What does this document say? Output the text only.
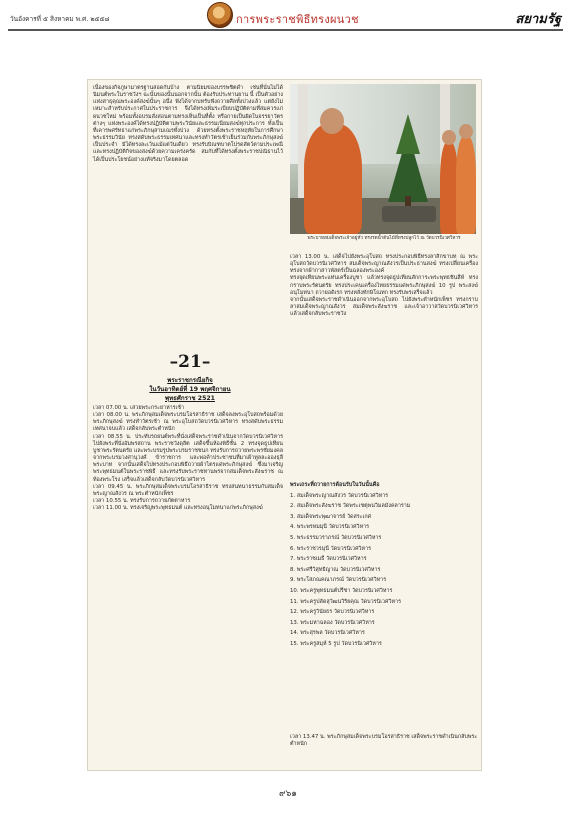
วันอังคารที่ ๕ สิงหาคม พ.ศ. ๒๕๕๘	การพระราชพิธีทรงผนวช	สยามรัฐ
เนื่องของกิจภูษามาตรฐานสอดกันบ้าง ตามนิยมของบรรพชิตดำ เช่นที่นั่นไม่ได้นิมนต์พระในราชวังฯ ฉะนั้นของนั้นนอกจากนั้น ต้องรับประทานยาน นี้ เป็นตัวอย่างแห่งสาธุคุณพระองค์สงฆ์นั้นๆ อนึ่ง ฟังได้จากบทรับฟังถวายศีลทั้งปวงแล้ว แต่ยังไม่เหมาะสำหรับประกาศในประราชการ จึงได้ทรงเพิ่มระเบียบปฏิบัติตามที่สมควรแก่ผนวชใหม่ พร้อมทั้งอบรมสั่งสอนตามทรงเห็นเป็นที่ตั้ง หรือกายเป็นผิดในจรรยาวัตรต่างๆ แห่งพระองค์ได้ทรงปฏิบัติตามพระวินัยและธรรมเนียมสงฆ์ทุกประการ ทั้งเป็นที่เคารพศรัทธาแก่พระภิกษุสามเณรทั้งปวง ด้วยทรงตั้งพระราชหฤทัยในการศึกษาพระธรรมวินัย ทรงสดับพระธรรมเทศนาและทรงทำวัตรเช้าเย็นร่วมกับพระภิกษุสงฆ์เป็นประจำ มิได้ทรงละเว้นแม้แต่วันเดียว ทรงรับบิณฑบาตโปรดสัตว์ตามประเพณี และทรงปฏิบัติกิจของสงฆ์ด้วยความเคร่งครัด สมกับที่ได้ทรงตั้งพระราชปณิธานไว้ ได้เป็นประโยชน์อย่างแท้จริงมาโดยตลอด
พระบาทสมเด็จพระเจ้าอยู่หัว ทรงรดน้ำต้นไม้ที่ทรงปลูกไว้ ณ วัดบวรนิเวศวิหาร
เวลา 13.00 น. เสด็จไปยังพระอุโบสถ ทรงประกอบพิธีทรงลาสิกขาบท ณ พระอุโบสถวัดบวรนิเวศวิหาร สมเด็จพระญาณสังวรเป็นประธานสงฆ์ ทรงเปลี่ยนเครื่องทรงจากผ้ากาสาวพัสตร์เป็นฉลองพระองค์
ทรงจุดเทียนพระแท่นเครื่องบูชา แล้วทรงจุดธูปเทียนสักการะพระพุทธชินสีห์ ทรงกราบพระรัตนตรัย ทรงประเคนเครื่องไทยธรรมแด่พระภิกษุสงฆ์ 10 รูป พระสงฆ์อนุโมทนา ถวายอดิเรก ทรงหลั่งทักษิโณทก ทรงรับพรเสร็จแล้ว
จากนั้นเสด็จพระราชดำเนินออกจากพระอุโบสถ ไปยังพระตำหนักเพ็ชร ทรงกราบลาสมเด็จพระญาณสังวร สมเด็จพระสังฆราช และเจ้าอาวาสวัดบวรนิเวศวิหาร แล้วเสด็จกลับพระราชวัง
–21–
พระราชกรณียกิจ
ในวันอาทิตย์ที่ 19 พฤศจิกายน
พุทธศักราช 2521
เวลา 07.00 น. เสวยพระกระยาหารเช้า
เวลา 08.00 น. พระภิกษุสมเด็จพระบรมโอรสาธิราช เสด็จลงพระอุโบสถพร้อมด้วยพระภิกษุสงฆ์ ทรงทำวัตรเช้า ณ พระอุโบสถวัดบวรนิเวศวิหาร ทรงสดับพระธรรมเทศนาจบแล้ว เสด็จกลับพระตำหนัก
เวลา 08.55 น. ประทับรถยนต์พระที่นั่งเสด็จพระราชดำเนินจากวัดบวรนิเวศวิหาร ไปยังพระที่นั่งอัมพรสถาน พระราชวังดุสิต เสด็จขึ้นห้องพิธีชั้น 2 ทรงจุดธูปเทียนบูชาพระรัตนตรัย และพระบรมรูปพระบรมราชชนก ทรงรับการถวายพระพรชัยมงคลจากพระบรมวงศานุวงศ์ ข้าราชการ และพ่อค้าประชาชนที่มาเฝ้าทูลละอองธุลีพระบาท จากนั้นเสด็จไปทรงประกอบพิธีถวายผ้าไตรแด่พระภิกษุสงฆ์ ซึ่งมาเจริญพระพุทธมนต์ในพระราชพิธี และทรงรับพระราชทานพรจากสมเด็จพระสังฆราช ณ ท้องพระโรง เสร็จแล้วเสด็จกลับวัดบวรนิเวศวิหาร
เวลา 09.45 น. พระภิกษุสมเด็จพระบรมโอรสาธิราช ทรงสนทนาธรรมกับสมเด็จพระญาณสังวร ณ พระตำหนักเพ็ชร
เวลา 10.55 น. ทรงรับการถวายภัตตาหาร
เวลา 11.00 น. ทรงเจริญพระพุทธมนต์ และทรงอนุโมทนาแก่พระภิกษุสงฆ์
พระเถระที่ถวายการต้อนรับในวันนั้นคือ
1. สมเด็จพระญาณสังวร วัดบวรนิเวศวิหาร
2. สมเด็จพระสังฆราช วัดพระเชตุพนวิมลมังคลาราม
3. สมเด็จพระพุฒาจารย์ วัดสระเกศ
4. พระพรหมมุนี วัดบวรนิเวศวิหาร
5. พระธรรมวราภรณ์ วัดบวรนิเวศวิหาร
6. พระราชวรมุนี วัดบวรนิเวศวิหาร
7. พระราชเมธี วัดบวรนิเวศวิหาร
8. พระศรีวิสุทธิญาณ วัดบวรนิเวศวิหาร
9. พระโสภณคณาภรณ์ วัดบวรนิเวศวิหาร
10. พระครูพุทธมนต์ปรีชา วัดบวรนิเวศวิหาร
11. พระครูปลัดสุวัฒนวิริยคุณ วัดบวรนิเวศวิหาร
12. พระครูวินัยธร วัดบวรนิเวศวิหาร
13. พระมหาฉลอง วัดบวรนิเวศวิหาร
14. พระสุรพล วัดบวรนิเวศวิหาร
15. พระครูสมุห์ 5 รูป วัดบวรนิเวศวิหาร
เวลา 13.47 น. พระภิกษุสมเด็จพระบรมโอรสาธิราช เสด็จพระราชดำเนินกลับพระตำหนัก
๙๖๑
